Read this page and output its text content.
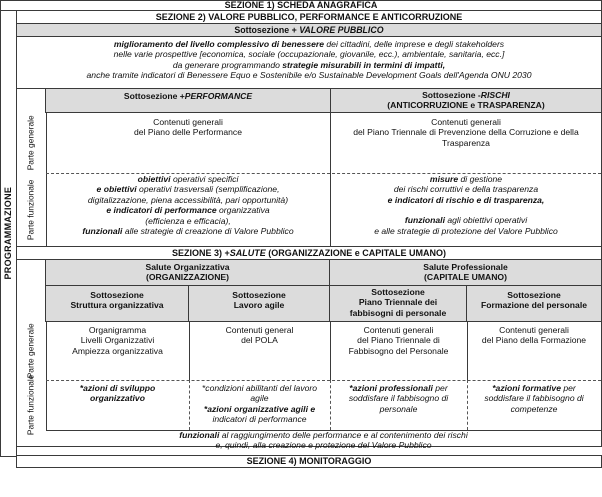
SEZIONE 1) SCHEDA ANAGRAFICA
PROGRAMMAZIONE
SEZIONE 2) VALORE PUBBLICO, PERFORMANCE E ANTICORRUZIONE
Sottosezione + VALORE PUBBLICO
miglioramento del livello complessivo di benessere dei cittadini, delle imprese e degli stakeholders
nelle varie prospettive [economica, sociale (occupazionale, giovanile, ecc.), ambientale, sanitaria, ecc.]
da generare programmando strategie misurabili in termini di impatti,
anche tramite indicatori di Benessere Equo e Sostenibile e/o Sustainable Development Goals dell'Agenda ONU 2030
Parte generale
Parte funzionale
Sottosezione +PERFORMANCE	Sottosezione -RISCHI
(ANTICORRUZIONE e TRASPARENZA)
Contenuti generali
del Piano delle Performance
Contenuti generali
del Piano Triennale di Prevenzione della Corruzione e della
Trasparenza
obiettivi operativi specifici
e obiettivi operativi trasversali (semplificazione,
digitalizzazione, piena accessibilità, pari opportunità)
e indicatori di performance organizzativa
(efficienza e efficacia),
funzionali alle strategie di creazione di Valore Pubblico
misure di gestione
dei rischi corruttivi e della trasparenza
e indicatori di rischio e di trasparenza,
funzionali agli obiettivi operativi
e alle strategie di protezione del Valore Pubblico
SEZIONE 3) +SALUTE (ORGANIZZAZIONE e CAPITALE UMANO)
Parte generale
Parte funzionale
Salute Organizzativa
(ORGANIZZAZIONE)
Salute Professionale
(CAPITALE UMANO)
Sottosezione
Struttura organizzativa
Sottosezione
Lavoro agile
Sottosezione
Piano Triennale dei
fabbisogni di personale
Sottosezione
Formazione del personale
Organigramma
Livelli Organizzativi
Ampiezza organizzativa
Contenuti general
del POLA
Contenuti generali
del Piano Triennale di
Fabbisogno del Personale
Contenuti generali
del Piano della Formazione
*azioni di sviluppo
organizzativo
*condizioni abilitanti del lavoro
agile
*azioni organizzative agili e
indicatori di performance
*azioni professionali per
soddisfare il fabbisogno di
personale
*azioni formative per
soddisfare il fabbisogno di
competenze
funzionali al raggiungimento delle performance e al contenimento dei rischi
e, quindi, alla creazione e protezione del Valore Pubblico
SEZIONE 4) MONITORAGGIO
